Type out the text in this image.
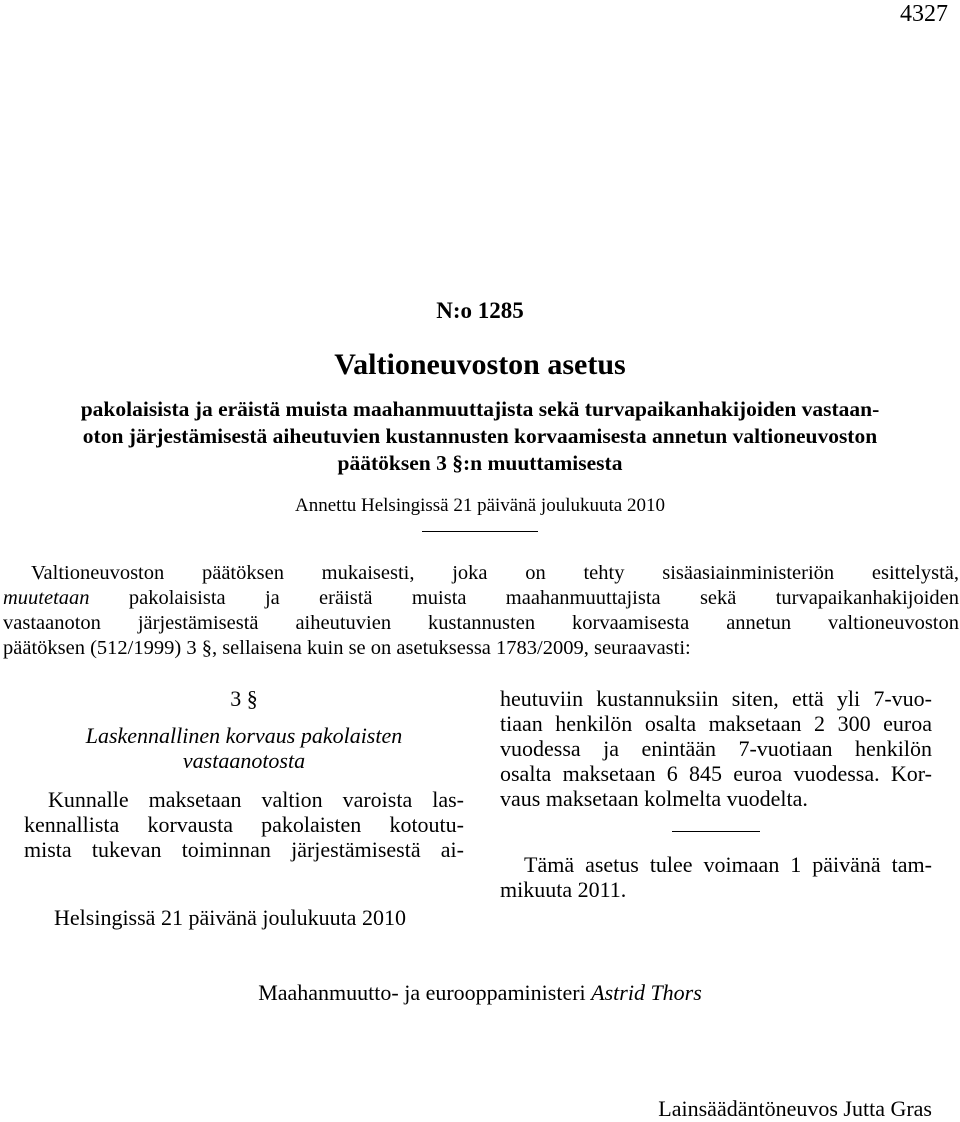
4327
N:o 1285
Valtioneuvoston asetus
pakolaisista ja eräistä muista maahanmuuttajista sekä turvapaikanhakijoiden vastaan-
oton järjestämisestä aiheutuvien kustannusten korvaamisesta annetun valtioneuvoston
päätöksen 3 §:n muuttamisesta
Annettu Helsingissä 21 päivänä joulukuuta 2010
Valtioneuvoston päätöksen mukaisesti, joka on tehty sisäasiainministeriön esittelystä,
muutetaan pakolaisista ja eräistä muista maahanmuuttajista sekä turvapaikanhakijoiden
vastaanoton järjestämisestä aiheutuvien kustannusten korvaamisesta annetun valtioneuvoston
päätöksen (512/1999) 3 §, sellaisena kuin se on asetuksessa 1783/2009, seuraavasti:
3 §
Laskennallinen korvaus pakolaisten
vastaanotosta
Kunnalle maksetaan valtion varoista las-
kennallista korvausta pakolaisten kotoutu-
mista tukevan toiminnan järjestämisestä ai-
heutuviin kustannuksiin siten, että yli 7-vuo-
tiaan henkilön osalta maksetaan 2 300 euroa
vuodessa ja enintään 7-vuotiaan henkilön
osalta maksetaan 6 845 euroa vuodessa. Kor-
vaus maksetaan kolmelta vuodelta.
Tämä asetus tulee voimaan 1 päivänä tam-
mikuuta 2011.
Helsingissä 21 päivänä joulukuuta 2010
Maahanmuutto- ja eurooppaministeri Astrid Thors
Lainsäädäntöneuvos Jutta Gras
